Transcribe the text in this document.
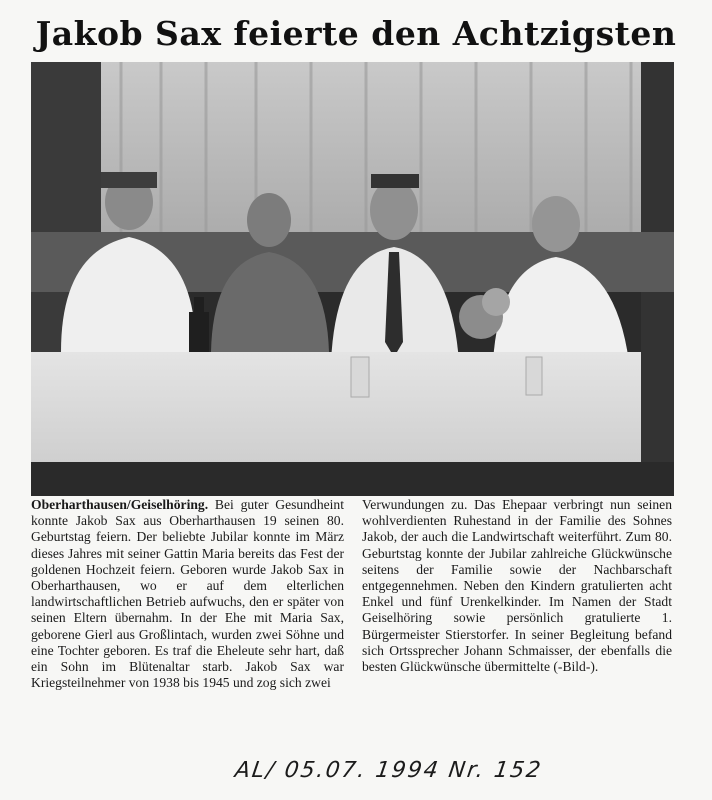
Jakob Sax feierte den Achtzigsten
Oberharthausen/Geiselhöring. Bei guter Gesundheint konnte Jakob Sax aus Oberharthausen 19 seinen 80. Geburtstag feiern. Der beliebte Jubilar konnte im März dieses Jahres mit seiner Gattin Maria bereits das Fest der goldenen Hochzeit feiern. Geboren wurde Jakob Sax in Oberharthausen, wo er auf dem elterlichen landwirtschaftlichen Betrieb aufwuchs, den er später von seinen Eltern übernahm. In der Ehe mit Maria Sax, geborene Gierl aus Großlintach, wurden zwei Söhne und eine Tochter geboren. Es traf die Eheleute sehr hart, daß ein Sohn im Blütenaltar starb. Jakob Sax war Kriegsteilnehmer von 1938 bis 1945 und zog sich zwei
Verwundungen zu. Das Ehepaar verbringt nun seinen wohlverdienten Ruhestand in der Familie des Sohnes Jakob, der auch die Landwirtschaft weiterführt. Zum 80. Geburtstag konnte der Jubilar zahlreiche Glückwünsche seitens der Familie sowie der Nachbarschaft entgegennehmen. Neben den Kindern gratulierten acht Enkel und fünf Urenkelkinder. Im Namen der Stadt Geiselhöring sowie persönlich gratulierte 1. Bürgermeister Stierstorfer. In seiner Begleitung befand sich Ortssprecher Johann Schmaisser, der ebenfalls die besten Glückwünsche übermittelte (-Bild-).
AL/ 05.07. 1994 Nr. 152
